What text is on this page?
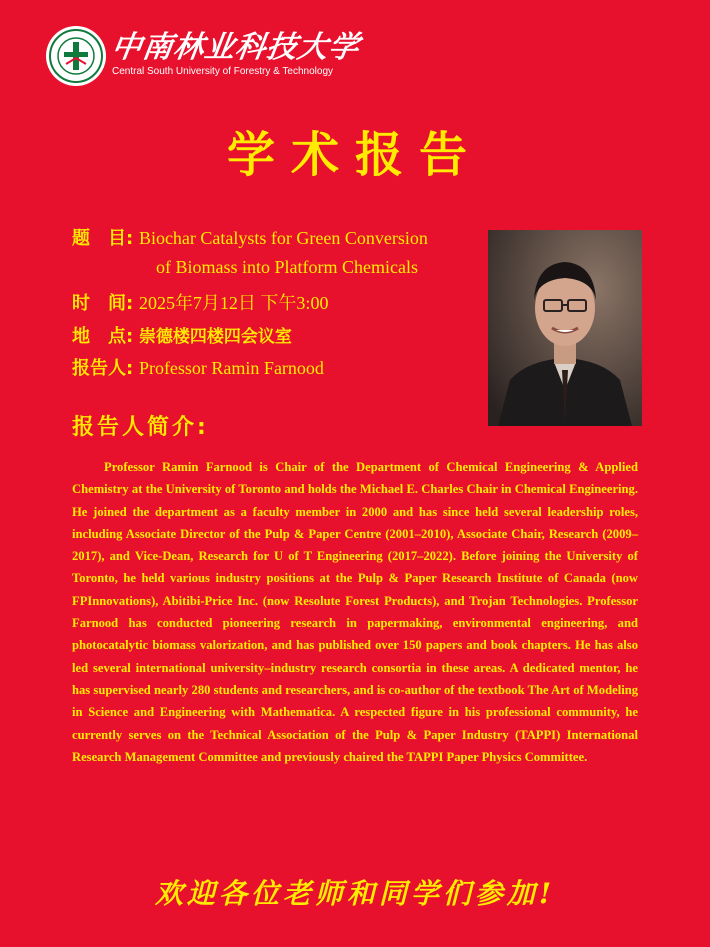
中南林业科技大学
Central South University of Forestry & Technology
学术报告
题　目: Biochar Catalysts for Green Conversion
of Biomass into Platform Chemicals
时　间: 2025年7月12日 下午3:00
地　点: 崇德楼四楼四会议室
报告人: Professor Ramin Farnood
报告人简介:

Professor Ramin Farnood is Chair of the Department of Chemical Engineering & Applied Chemistry at the University of Toronto and holds the Michael E. Charles Chair in Chemical Engineering. He joined the department as a faculty member in 2000 and has since held several leadership roles, including Associate Director of the Pulp & Paper Centre (2001–2010), Associate Chair, Research (2009–2017), and Vice-Dean, Research for U of T Engineering (2017–2022). Before joining the University of Toronto, he held various industry positions at the Pulp & Paper Research Institute of Canada (now FPInnovations), Abitibi-Price Inc. (now Resolute Forest Products), and Trojan Technologies. Professor Farnood has conducted pioneering research in papermaking, environmental engineering, and photocatalytic biomass valorization, and has published over 150 papers and book chapters. He has also led several international university–industry research consortia in these areas. A dedicated mentor, he has supervised nearly 280 students and researchers, and is co-author of the textbook The Art of Modeling in Science and Engineering with Mathematica. A respected figure in his professional community, he currently serves on the Technical Association of the Pulp & Paper Industry (TAPPI) International Research Management Committee and previously chaired the TAPPI Paper Physics Committee.

欢迎各位老师和同学们参加!
